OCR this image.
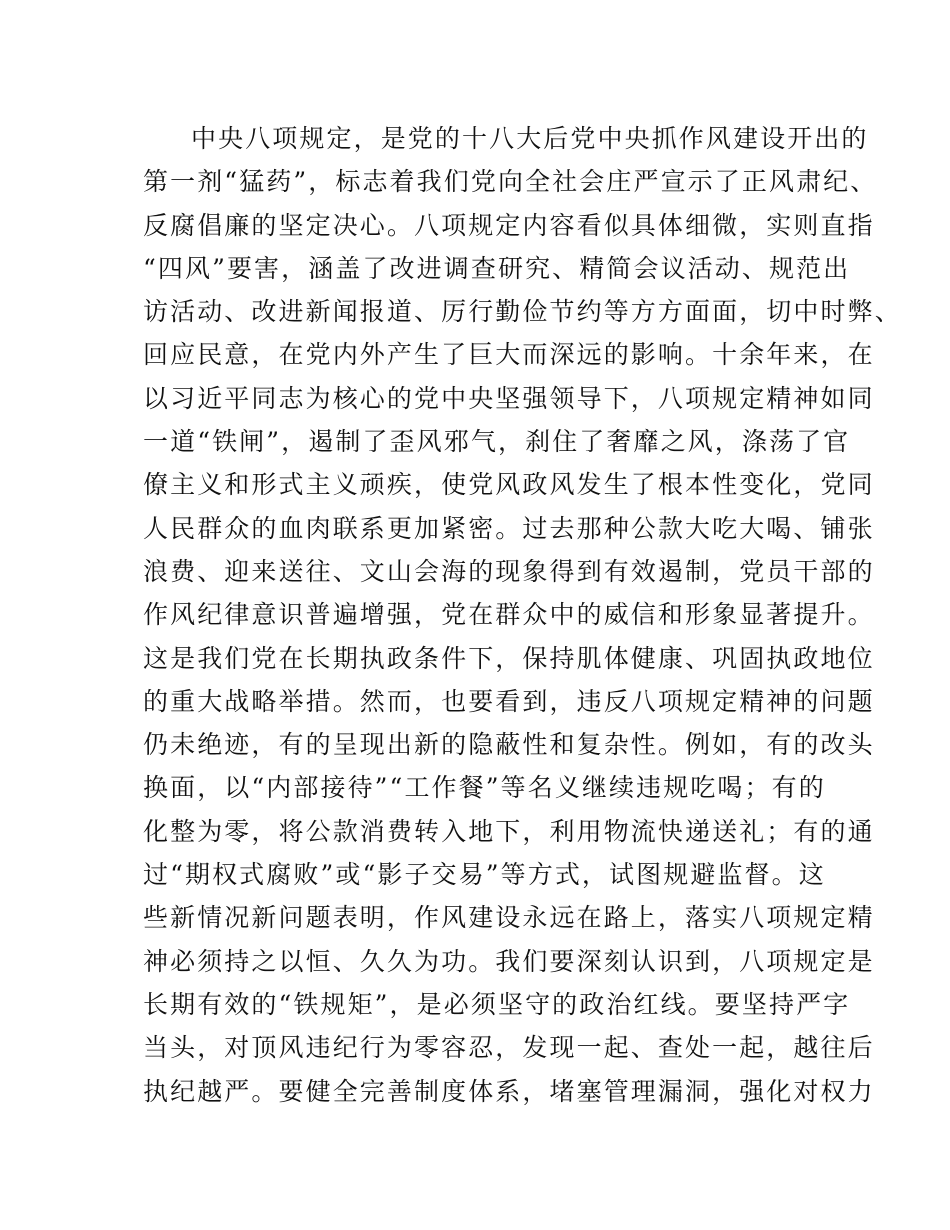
中央八项规定，是党的十八大后党中央抓作风建设开出的
第一剂“猛药”，标志着我们党向全社会庄严宣示了正风肃纪、
反腐倡廉的坚定决心。八项规定内容看似具体细微，实则直指
“四风”要害，涵盖了改进调查研究、精简会议活动、规范出
访活动、改进新闻报道、厉行勤俭节约等方方面面，切中时弊、
回应民意，在党内外产生了巨大而深远的影响。十余年来，在
以习近平同志为核心的党中央坚强领导下，八项规定精神如同
一道“铁闸”，遏制了歪风邪气，刹住了奢靡之风，涤荡了官
僚主义和形式主义顽疾，使党风政风发生了根本性变化，党同
人民群众的血肉联系更加紧密。过去那种公款大吃大喝、铺张
浪费、迎来送往、文山会海的现象得到有效遏制，党员干部的
作风纪律意识普遍增强，党在群众中的威信和形象显著提升。
这是我们党在长期执政条件下，保持肌体健康、巩固执政地位
的重大战略举措。然而，也要看到，违反八项规定精神的问题
仍未绝迹，有的呈现出新的隐蔽性和复杂性。例如，有的改头
换面，以“内部接待”“工作餐”等名义继续违规吃喝；有的
化整为零，将公款消费转入地下，利用物流快递送礼；有的通
过“期权式腐败”或“影子交易”等方式，试图规避监督。这
些新情况新问题表明，作风建设永远在路上，落实八项规定精
神必须持之以恒、久久为功。我们要深刻认识到，八项规定是
长期有效的“铁规矩”，是必须坚守的政治红线。要坚持严字
当头，对顶风违纪行为零容忍，发现一起、查处一起，越往后
执纪越严。要健全完善制度体系，堵塞管理漏洞，强化对权力
